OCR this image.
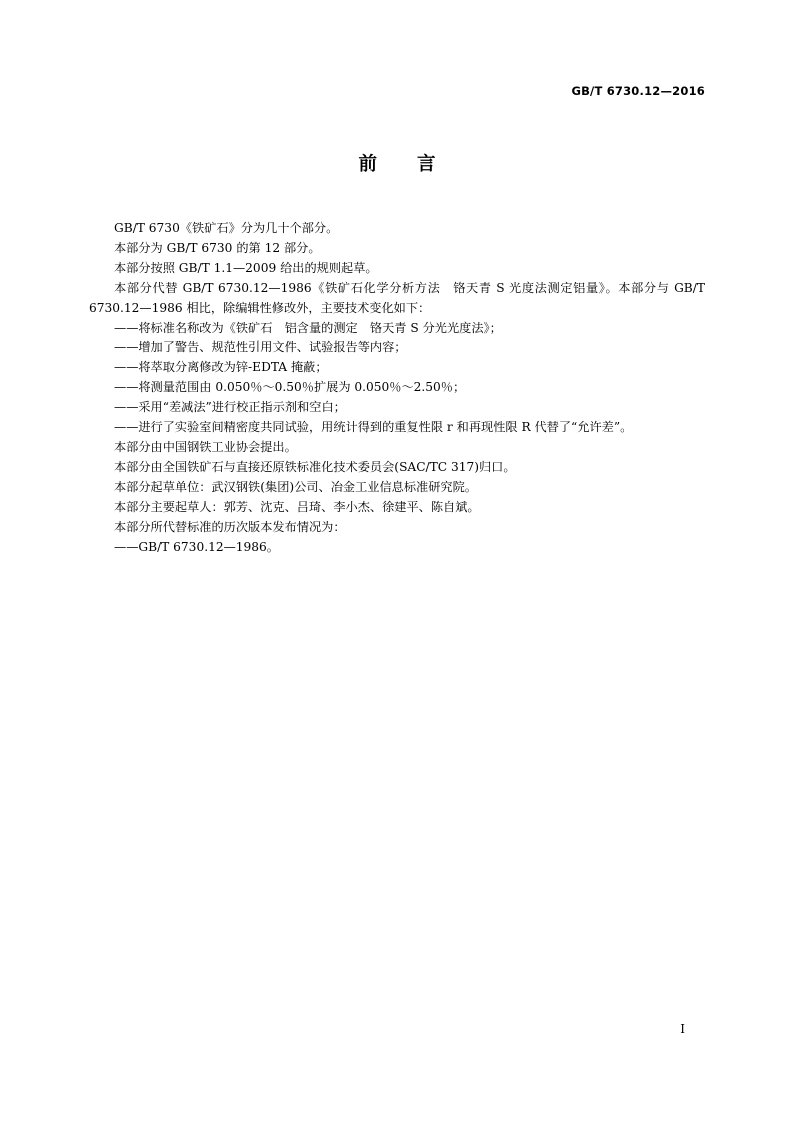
GB/T 6730.12—2016
前言

GB/T 6730《铁矿石》分为几十个部分。

本部分为 GB/T 6730 的第 12 部分。

本部分按照 GB/T 1.1—2009 给出的规则起草。

本部分代替 GB/T 6730.12—1986《铁矿石化学分析方法　铬天青 S 光度法测定铝量》。本部分与 GB/T 6730.12—1986 相比，除编辑性修改外，主要技术变化如下：

——将标准名称改为《铁矿石　铝含量的测定　铬天青 S 分光光度法》；

——增加了警告、规范性引用文件、试验报告等内容；

——将萃取分离修改为锌-EDTA 掩蔽；

——将测量范围由 0.050％～0.50％扩展为 0.050％～2.50％；

——采用“差减法”进行校正指示剂和空白；

——进行了实验室间精密度共同试验，用统计得到的重复性限 r 和再现性限 R 代替了“允许差”。

本部分由中国钢铁工业协会提出。

本部分由全国铁矿石与直接还原铁标准化技术委员会(SAC/TC 317)归口。

本部分起草单位：武汉钢铁(集团)公司、冶金工业信息标准研究院。

本部分主要起草人：郭芳、沈克、吕琦、李小杰、徐建平、陈自斌。

本部分所代替标准的历次版本发布情况为：

——GB/T 6730.12—1986。

Ⅰ
